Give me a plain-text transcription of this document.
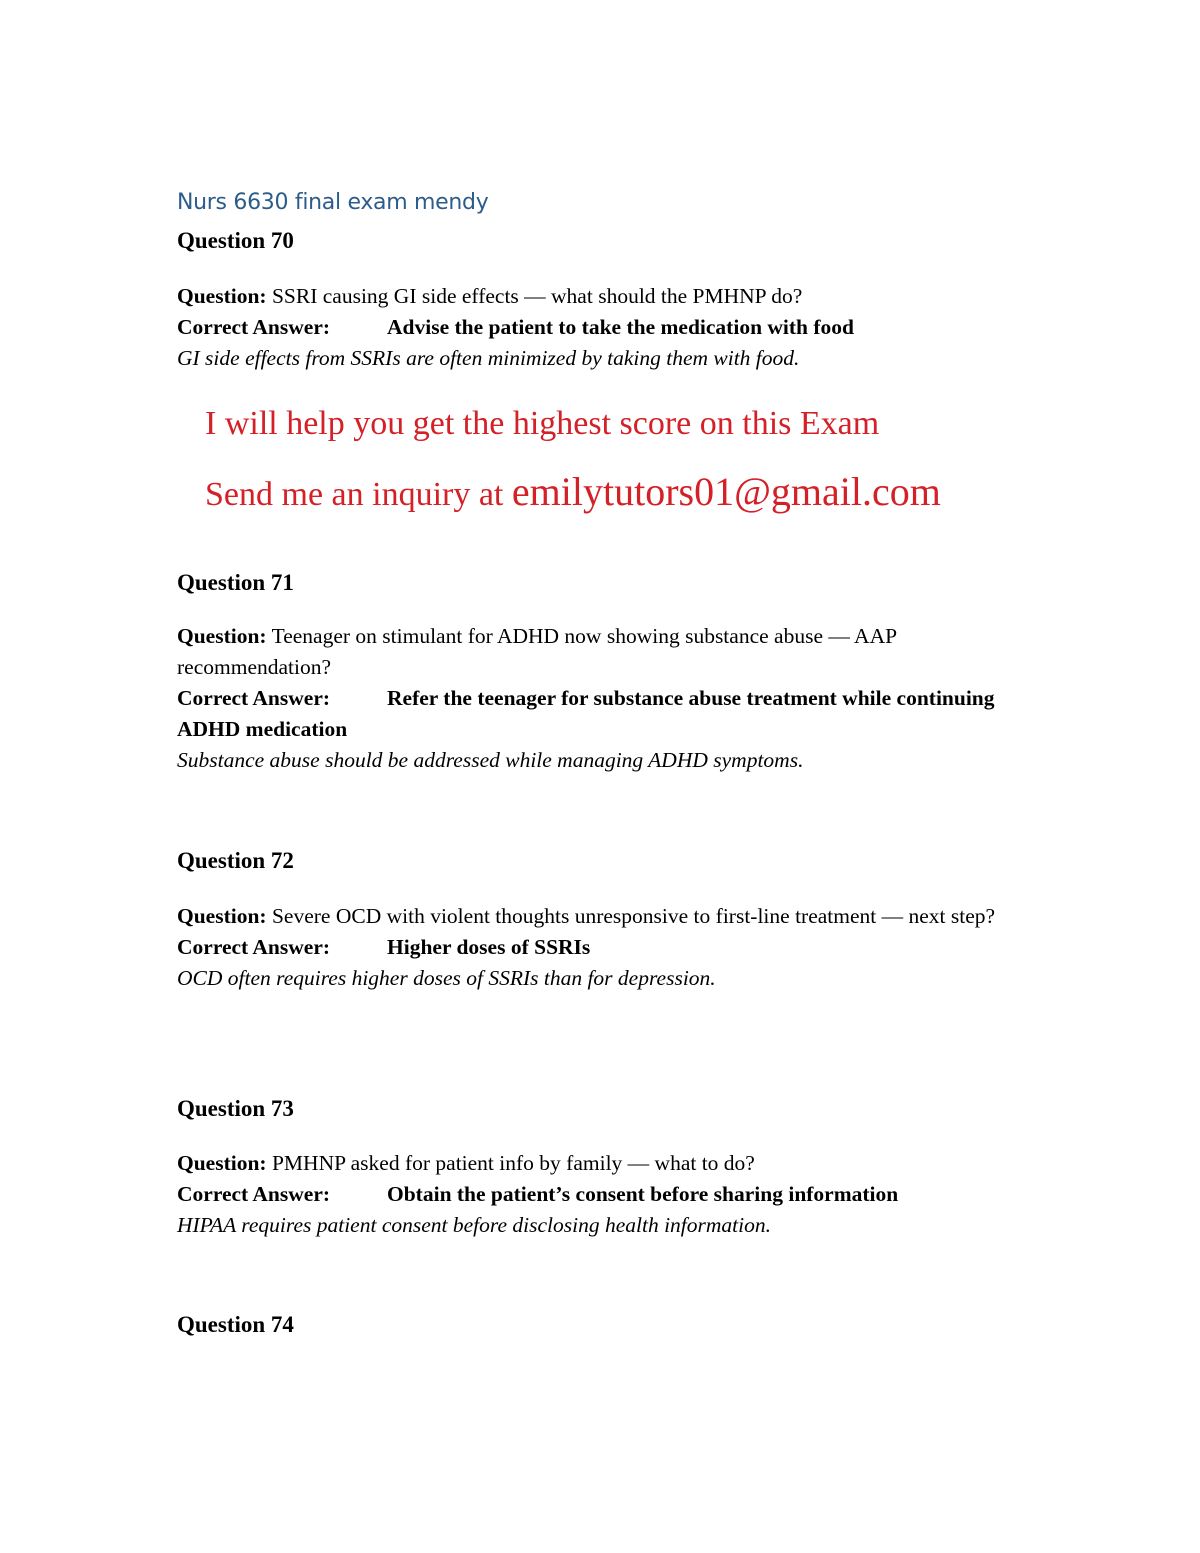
Nurs 6630 final exam mendy
Question 70

Question: SSRI causing GI side effects — what should the PMHNP do?

Correct Answer:	Advise the patient to take the medication with food

GI side effects from SSRIs are often minimized by taking them with food.

I will help you get the highest score on this Exam
Send me an inquiry at emilytutors01@gmail.com
Question 71

Question: Teenager on stimulant for ADHD now showing substance abuse — AAP recommendation?

Correct Answer:	Refer the teenager for substance abuse treatment while continuing ADHD medication

Substance abuse should be addressed while managing ADHD symptoms.

Question 72

Question: Severe OCD with violent thoughts unresponsive to first-line treatment — next step?

Correct Answer:	Higher doses of SSRIs

OCD often requires higher doses of SSRIs than for depression.

Question 73

Question: PMHNP asked for patient info by family — what to do?

Correct Answer:	Obtain the patient’s consent before sharing information

HIPAA requires patient consent before disclosing health information.

Question 74
